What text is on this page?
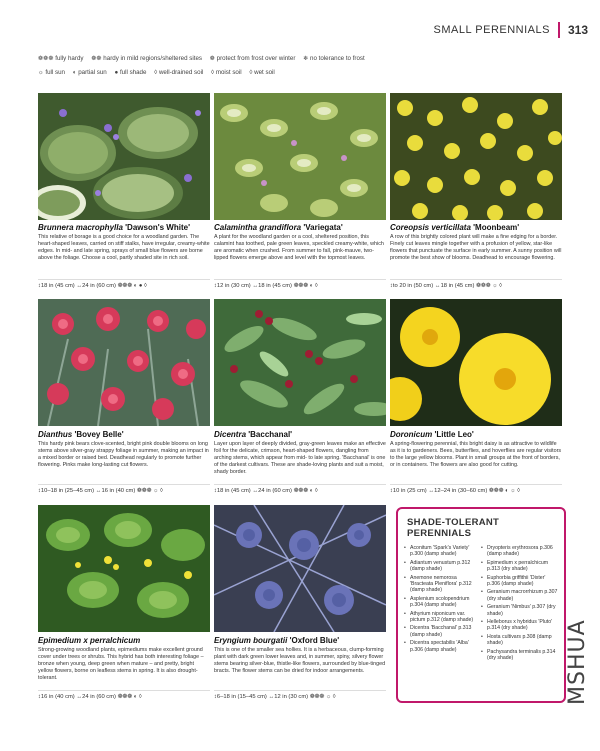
SMALL PERENNIALS 313
❁❁❁ fully hardy ❁❁ hardy in mild regions/sheltered sites ❁ protect from frost over winter ❄ no tolerance to frost
☼ full sun ◐ partial sun ● full shade ◊ well-drained soil ◊ moist soil ◊ wet soil

Brunnera macrophylla 'Dawson's White'

This relative of borage is a good choice for a woodland garden. The heart-shaped leaves, carried on stiff stalks, have irregular, creamy-white edges. In mid- and late spring, sprays of small blue flowers are borne above the foliage. Choose a cool, partly shaded site in rich soil.

Calamintha grandiflora 'Variegata'

A plant for the woodland garden or a cool, sheltered position, this calamint has toothed, pale green leaves, speckled creamy-white, which are aromatic when crushed. From summer to fall, pink-mauve, two-lipped flowers emerge above and level with the topmost leaves.

Coreopsis verticillata 'Moonbeam'

A row of this brightly colored plant will make a fine edging for a border. Finely cut leaves mingle together with a profusion of yellow, star-like flowers that punctuate the surface in early summer. A sunny position will promote the best show of blooms. Deadhead to encourage flowering.

↕18 in (45 cm) ↔24 in (60 cm) ❁❁❁ ◐ ● ◊	↕12 in (30 cm) ↔18 in (45 cm) ❁❁❁ ◐ ◊	↕to 20 in (50 cm) ↔18 in (45 cm) ❁❁❁ ☼ ◊

Dianthus 'Bovey Belle'

This hardy pink bears clove-scented, bright pink double blooms on long stems above silver-gray strappy foliage in summer, making an impact in a mixed border or raised bed. Deadhead regularly to promote further flowering. Pinks make long-lasting cut flowers.

Dicentra 'Bacchanal'

Layer upon layer of deeply divided, gray-green leaves make an effective foil for the delicate, crimson, heart-shaped flowers, dangling from arching stems, which appear from mid- to late spring. 'Bacchanal' is one of the darkest cultivars. These are shade-loving plants and suit a moist, shady border.

Doronicum 'Little Leo'

A spring-flowering perennial, this bright daisy is as attractive to wildlife as it is to gardeners. Bees, butterflies, and hoverflies are regular visitors to the large yellow blooms. Plant in small groups at the front of borders, or in containers. The flowers are also good for cutting.

↕10–18 in (25–45 cm) ↔16 in (40 cm) ❁❁❁ ☼ ◊	↕18 in (45 cm) ↔24 in (60 cm) ❁❁❁ ◐ ◊	↕10 in (25 cm) ↔12–24 in (30–60 cm) ❁❁❁ ◐ ☼ ◊

Epimedium x perralchicum

Strong-growing woodland plants, epimediums make excellent ground cover under trees or shrubs. This hybrid has both interesting foliage – bronze when young, deep green when mature – and pretty, bright yellow flowers, borne on leafless stems in spring. It is also drought-tolerant.

Eryngium bourgatii 'Oxford Blue'

This is one of the smaller sea hollies. It is a herbaceous, clump-forming plant with dark green lower leaves and, in summer, spiny, silvery flower stems bearing silver-blue, thistle-like flowers, surrounded by blue-tinged bracts. The flower stems can be dried for indoor arrangements.

↕16 in (40 cm) ↔24 in (60 cm) ❁❁❁ ◐ ◊	↕6–18 in (15–45 cm) ↔12 in (30 cm) ❁❁❁ ☼ ◊
SHADE-TOLERANT PERENNIALS
• Aconitum 'Spark's Variety' p.300 (damp shade)
• Adiantum venustum p.312 (damp shade)
• Anemone nemorosa 'Bracteata Pleniflora' p.312 (damp shade)
• Asplenium scolopendrium p.304 (damp shade)
• Athyrium niponicum var. pictum p.312 (damp shade)
• Dicentra 'Bacchanal' p.313 (damp shade)
• Dicentra spectabilis 'Alba' p.306 (damp shade)
• Dryopteris erythrosora p.306 (damp shade)
• Epimedium x perralchicum p.313 (dry shade)
• Euphorbia griffithii 'Dixter' p.306 (damp shade)
• Geranium macrorrhizum p.307 (dry shade)
• Geranium 'Nimbus' p.307 (dry shade)
• Helleborus x hybridus 'Pluto' p.314 (dry shade)
• Hosta cultivars p.308 (damp shade)
• Pachysandra terminalis p.314 (dry shade)	MSHUA
